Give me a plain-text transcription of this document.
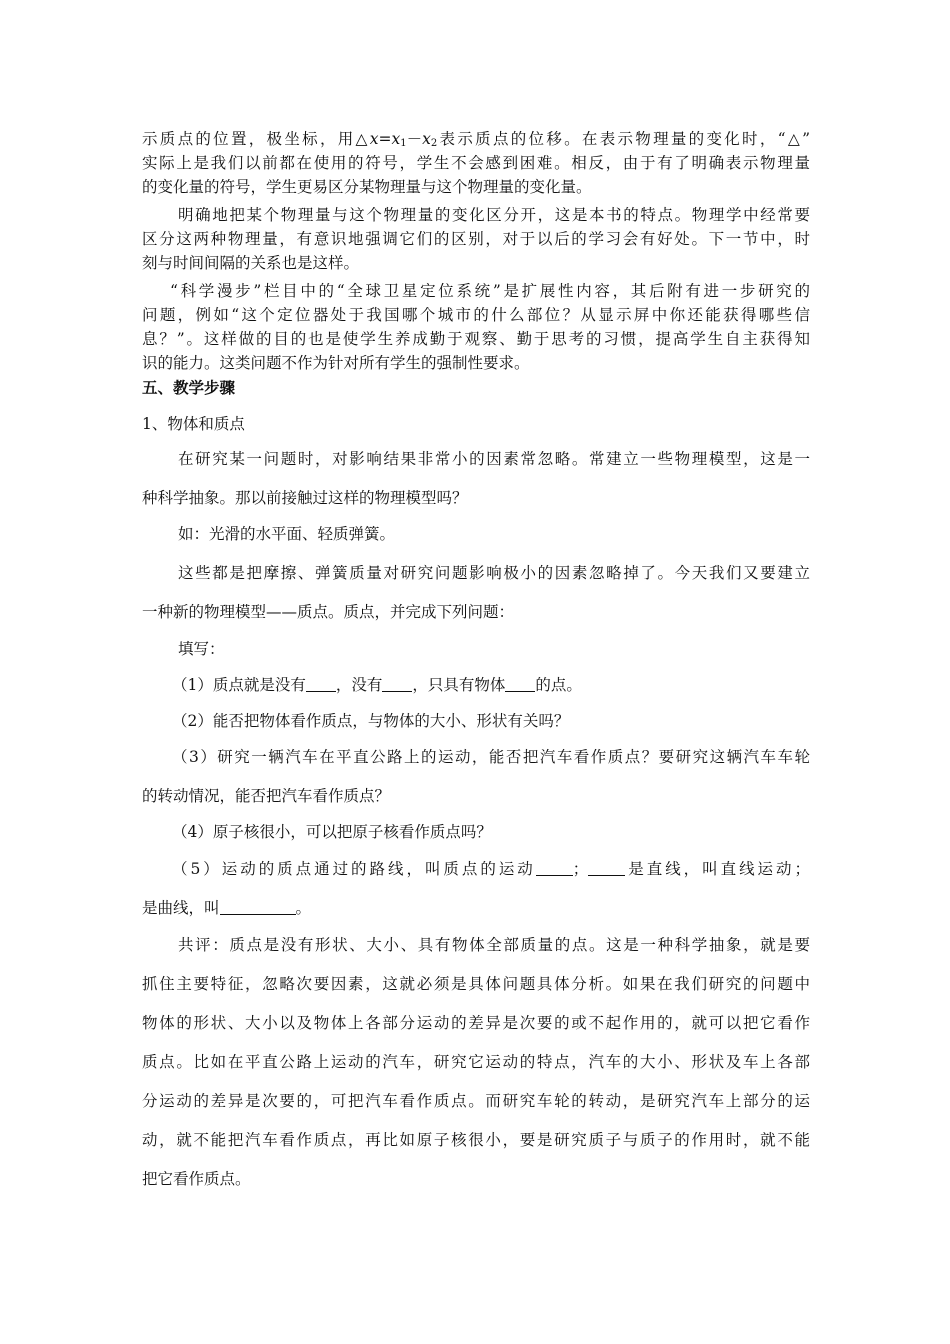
示质点的位置，极坐标，用$\triangle x=x_1-x_2$表示质点的位移。在表示物理量的变化时，“△”
实际上是我们以前都在使用的符号，学生不会感到困难。相反，由于有了明确表示物理量
的变化量的符号，学生更易区分某物理量与这个物理量的变化量。
明确地把某个物理量与这个物理量的变化区分开，这是本书的特点。物理学中经常要
区分这两种物理量，有意识地强调它们的区别，对于以后的学习会有好处。下一节中，时
刻与时间间隔的关系也是这样。
“科学漫步”栏目中的“全球卫星定位系统”是扩展性内容，其后附有进一步研究的
问题，例如“这个定位器处于我国哪个城市的什么部位？从显示屏中你还能获得哪些信
息？”。这样做的目的也是使学生养成勤于观察、勤于思考的习惯，提高学生自主获得知
识的能力。这类问题不作为针对所有学生的强制性要求。
五、教学步骤
1、物体和质点
在研究某一问题时，对影响结果非常小的因素常忽略。常建立一些物理模型，这是一
种科学抽象。那以前接触过这样的物理模型吗？
如：光滑的水平面、轻质弹簧。
这些都是把摩擦、弹簧质量对研究问题影响极小的因素忽略掉了。今天我们又要建立
一种新的物理模型——质点。质点，并完成下列问题：
填写：
（1）质点就是没有 ，没有 ，只具有物体 的点。
（2）能否把物体看作质点，与物体的大小、形状有关吗？
（3）研究一辆汽车在平直公路上的运动，能否把汽车看作质点？要研究这辆汽车车轮
的转动情况，能否把汽车看作质点？
（4）原子核很小，可以把原子核看作质点吗？
（5）运动的质点通过的路线，叫质点的运动 ； 是直线，叫直线运动；
是曲线，叫	。
共评：质点是没有形状、大小、具有物体全部质量的点。这是一种科学抽象，就是要
抓住主要特征，忽略次要因素，这就必须是具体问题具体分析。如果在我们研究的问题中
物体的形状、大小以及物体上各部分运动的差异是次要的或不起作用的，就可以把它看作
质点。比如在平直公路上运动的汽车，研究它运动的特点，汽车的大小、形状及车上各部
分运动的差异是次要的，可把汽车看作质点。而研究车轮的转动，是研究汽车上部分的运
动，就不能把汽车看作质点，再比如原子核很小，要是研究质子与质子的作用时，就不能
把它看作质点。
